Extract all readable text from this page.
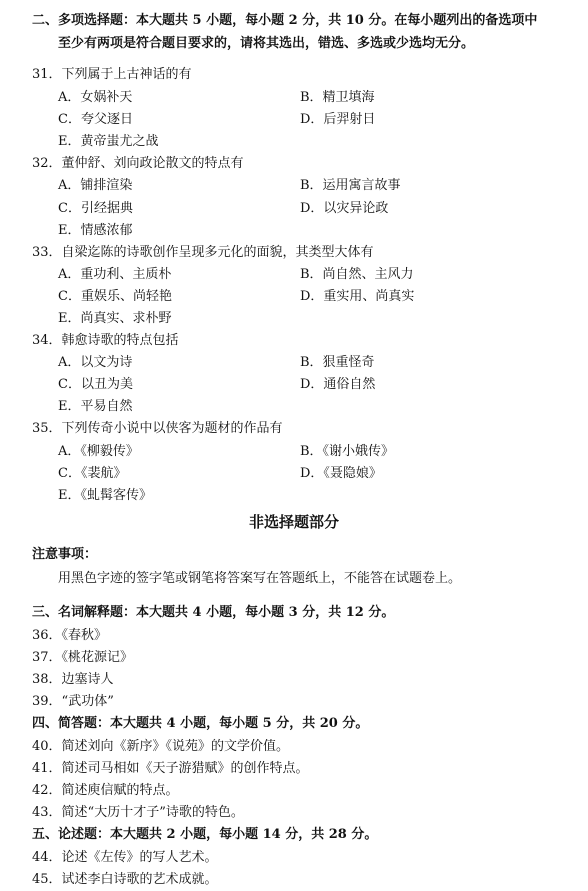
二、多项选择题：本大题共 5 小题，每小题 2 分，共 10 分。在每小题列出的备选项中
至少有两项是符合题目要求的，请将其选出，错选、多选或少选均无分。
31．下列属于上古神话的有
A．女娲补天	B．精卫填海
C．夸父逐日	D．后羿射日
E．黄帝蚩尤之战
32．董仲舒、刘向政论散文的特点有
A．铺排渲染	B．运用寓言故事
C．引经据典	D．以灾异论政
E．情感浓郁
33．自梁迄陈的诗歌创作呈现多元化的面貌，其类型大体有
A．重功利、主质朴	B．尚自然、主风力
C．重娱乐、尚轻艳	D．重实用、尚真实
E．尚真实、求朴野
34．韩愈诗歌的特点包括
A．以文为诗	B．狠重怪奇
C．以丑为美	D．通俗自然
E．平易自然
35．下列传奇小说中以侠客为题材的作品有
A．《柳毅传》	B．《谢小娥传》
C．《裴航》	D．《聂隐娘》
E．《虬髯客传》
非选择题部分
注意事项：
用黑色字迹的签字笔或钢笔将答案写在答题纸上，不能答在试题卷上。
三、名词解释题：本大题共 4 小题，每小题 3 分，共 12 分。
36．《春秋》
37．《桃花源记》
38．边塞诗人
39．“武功体”
四、简答题：本大题共 4 小题，每小题 5 分，共 20 分。
40．简述刘向《新序》《说苑》的文学价值。
41．简述司马相如《天子游猎赋》的创作特点。
42．简述庾信赋的特点。
43．简述“大历十才子”诗歌的特色。
五、论述题：本大题共 2 小题，每小题 14 分，共 28 分。
44．论述《左传》的写人艺术。
45．试述李白诗歌的艺术成就。
